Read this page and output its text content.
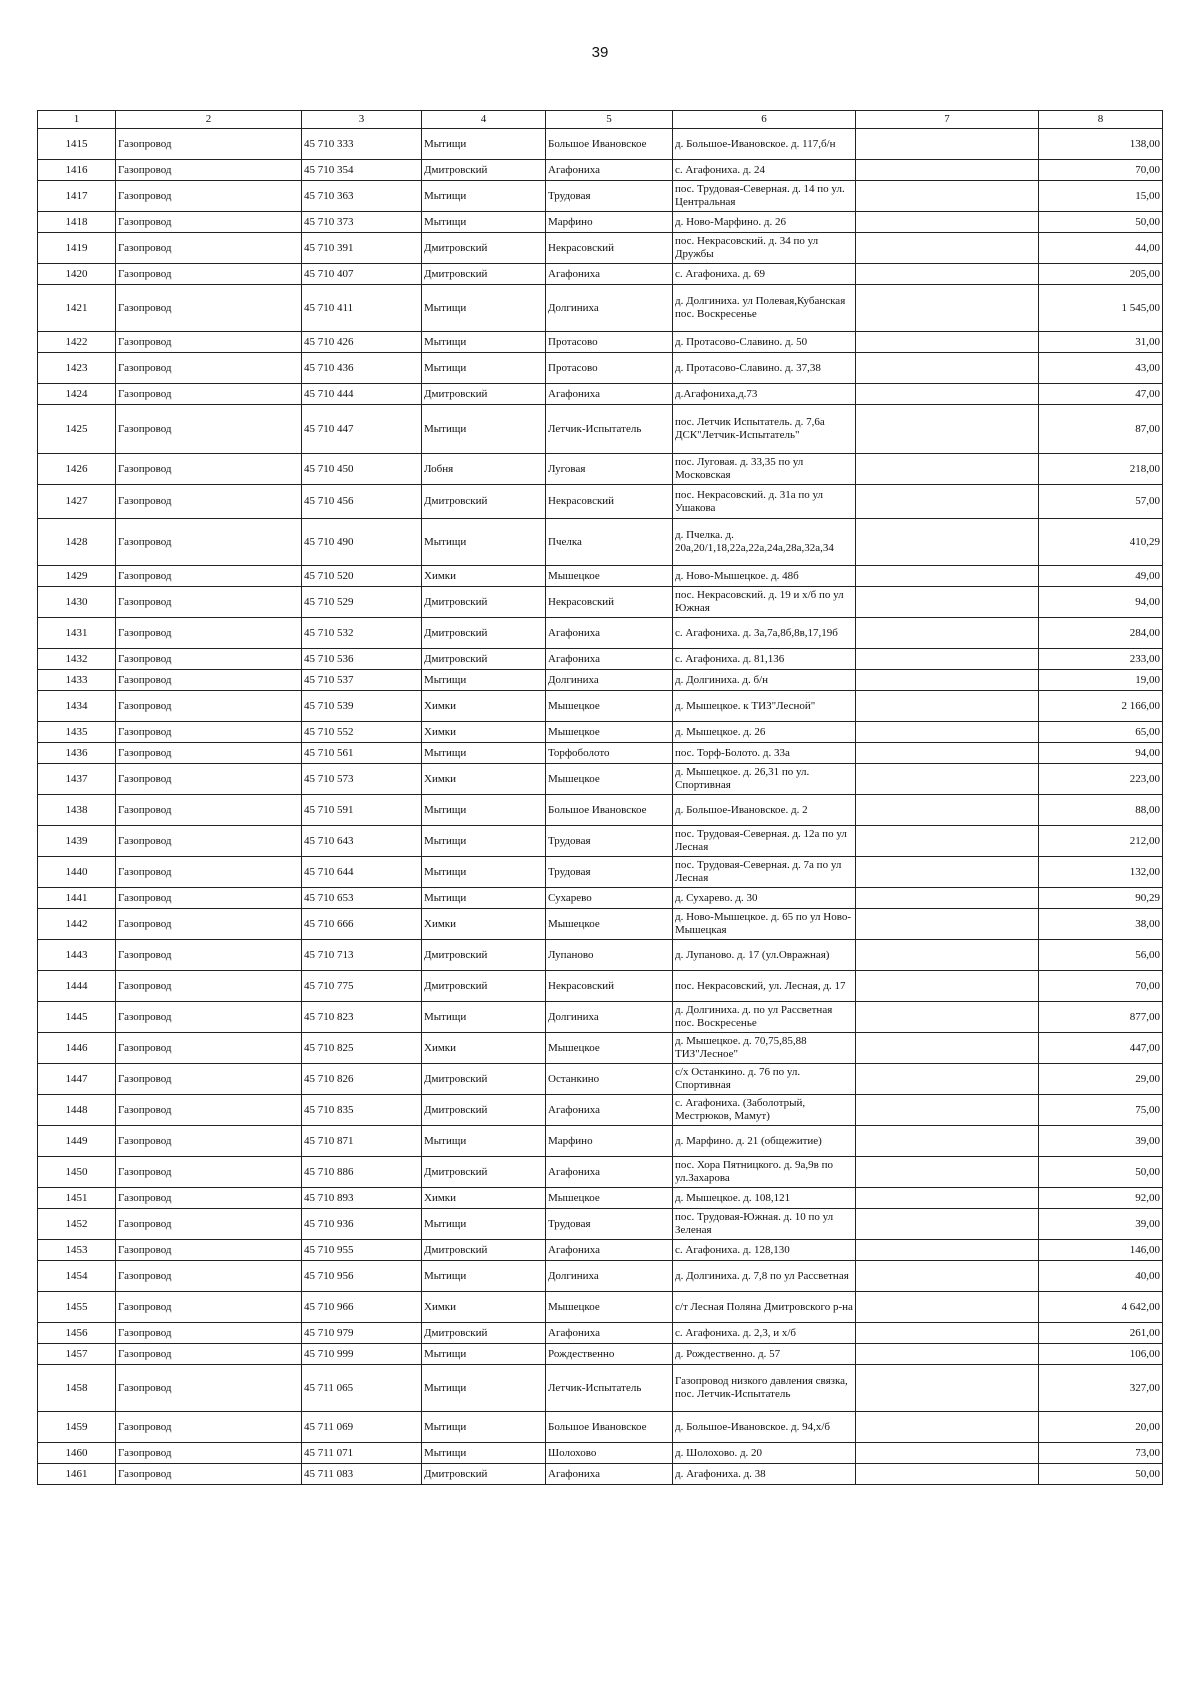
39
1	2	3	4	5	6	7	8
1415	Газопровод	45 710 333	Мытищи	Большое Ивановское	д. Большое-Ивановское. д. 117,б/н		138,00
1416	Газопровод	45 710 354	Дмитровский	Агафониха	с. Агафониха. д. 24		70,00
1417	Газопровод	45 710 363	Мытищи	Трудовая	пос. Трудовая-Северная. д. 14 по ул. Центральная		15,00
1418	Газопровод	45 710 373	Мытищи	Марфино	д. Ново-Марфино. д. 26		50,00
1419	Газопровод	45 710 391	Дмитровский	Некрасовский	пос. Некрасовский. д. 34 по ул Дружбы		44,00
1420	Газопровод	45 710 407	Дмитровский	Агафониха	с. Агафониха. д. 69		205,00
1421	Газопровод	45 710 411	Мытищи	Долгиниха	д. Долгиниха. ул Полевая,Кубанская пос. Воскресенье		1 545,00
1422	Газопровод	45 710 426	Мытищи	Протасово	д. Протасово-Славино. д. 50		31,00
1423	Газопровод	45 710 436	Мытищи	Протасово	д. Протасово-Славино. д. 37,38		43,00
1424	Газопровод	45 710 444	Дмитровский	Агафониха	д.Агафониха,д.73		47,00
1425	Газопровод	45 710 447	Мытищи	Летчик-Испытатель	пос. Летчик Испытатель. д. 7,6а ДСК"Летчик-Испытатель"		87,00
1426	Газопровод	45 710 450	Лобня	Луговая	пос. Луговая. д. 33,35 по ул Московская		218,00
1427	Газопровод	45 710 456	Дмитровский	Некрасовский	пос. Некрасовский. д. 31а по ул Ушакова		57,00
1428	Газопровод	45 710 490	Мытищи	Пчелка	д. Пчелка. д. 20а,20/1,18,22а,22а,24а,28а,32а,34		410,29
1429	Газопровод	45 710 520	Химки	Мышецкое	д. Ново-Мышецкое. д. 48б		49,00
1430	Газопровод	45 710 529	Дмитровский	Некрасовский	пос. Некрасовский. д. 19 и х/б по ул Южная		94,00
1431	Газопровод	45 710 532	Дмитровский	Агафониха	с. Агафониха. д. 3а,7а,8б,8в,17,19б		284,00
1432	Газопровод	45 710 536	Дмитровский	Агафониха	с. Агафониха. д. 81,136		233,00
1433	Газопровод	45 710 537	Мытищи	Долгиниха	д. Долгиниха. д. б/н		19,00
1434	Газопровод	45 710 539	Химки	Мышецкое	д. Мышецкое. к ТИЗ"Лесной"		2 166,00
1435	Газопровод	45 710 552	Химки	Мышецкое	д. Мышецкое. д. 26		65,00
1436	Газопровод	45 710 561	Мытищи	Торфоболото	пос. Торф-Болото. д. 33а		94,00
1437	Газопровод	45 710 573	Химки	Мышецкое	д. Мышецкое. д. 26,31 по ул. Спортивная		223,00
1438	Газопровод	45 710 591	Мытищи	Большое Ивановское	д. Большое-Ивановское. д. 2		88,00
1439	Газопровод	45 710 643	Мытищи	Трудовая	пос. Трудовая-Северная. д. 12а по ул Лесная		212,00
1440	Газопровод	45 710 644	Мытищи	Трудовая	пос. Трудовая-Северная. д. 7а по ул Лесная		132,00
1441	Газопровод	45 710 653	Мытищи	Сухарево	д. Сухарево. д. 30		90,29
1442	Газопровод	45 710 666	Химки	Мышецкое	д. Ново-Мышецкое. д. 65 по ул Ново-Мышецкая		38,00
1443	Газопровод	45 710 713	Дмитровский	Лупаново	д. Лупаново. д. 17 (ул.Овражная)		56,00
1444	Газопровод	45 710 775	Дмитровский	Некрасовский	пос. Некрасовский, ул. Лесная, д. 17		70,00
1445	Газопровод	45 710 823	Мытищи	Долгиниха	д. Долгиниха. д. по ул Рассветная пос. Воскресенье		877,00
1446	Газопровод	45 710 825	Химки	Мышецкое	д. Мышецкое. д. 70,75,85,88 ТИЗ"Лесное"		447,00
1447	Газопровод	45 710 826	Дмитровский	Останкино	с/х Останкино. д. 76 по ул. Спортивная		29,00
1448	Газопровод	45 710 835	Дмитровский	Агафониха	с. Агафониха. (Заболотрый, Местрюков, Мамут)		75,00
1449	Газопровод	45 710 871	Мытищи	Марфино	д. Марфино. д. 21 (общежитие)		39,00
1450	Газопровод	45 710 886	Дмитровский	Агафониха	пос. Хора Пятницкого. д. 9а,9в по ул.Захарова		50,00
1451	Газопровод	45 710 893	Химки	Мышецкое	д. Мышецкое. д. 108,121		92,00
1452	Газопровод	45 710 936	Мытищи	Трудовая	пос. Трудовая-Южная. д. 10 по ул Зеленая		39,00
1453	Газопровод	45 710 955	Дмитровский	Агафониха	с. Агафониха. д. 128,130		146,00
1454	Газопровод	45 710 956	Мытищи	Долгиниха	д. Долгиниха. д. 7,8 по ул Рассветная		40,00
1455	Газопровод	45 710 966	Химки	Мышецкое	с/т Лесная Поляна Дмитровского р-на		4 642,00
1456	Газопровод	45 710 979	Дмитровский	Агафониха	с. Агафониха. д. 2,3, и х/б		261,00
1457	Газопровод	45 710 999	Мытищи	Рождественно	д. Рождественно. д. 57		106,00
1458	Газопровод	45 711 065	Мытищи	Летчик-Испытатель	Газопровод низкого давления связка, пос. Летчик-Испытатель		327,00
1459	Газопровод	45 711 069	Мытищи	Большое Ивановское	д. Большое-Ивановское. д. 94,х/б		20,00
1460	Газопровод	45 711 071	Мытищи	Шолохово	д. Шолохово. д. 20		73,00
1461	Газопровод	45 711 083	Дмитровский	Агафониха	д. Агафониха. д. 38		50,00
